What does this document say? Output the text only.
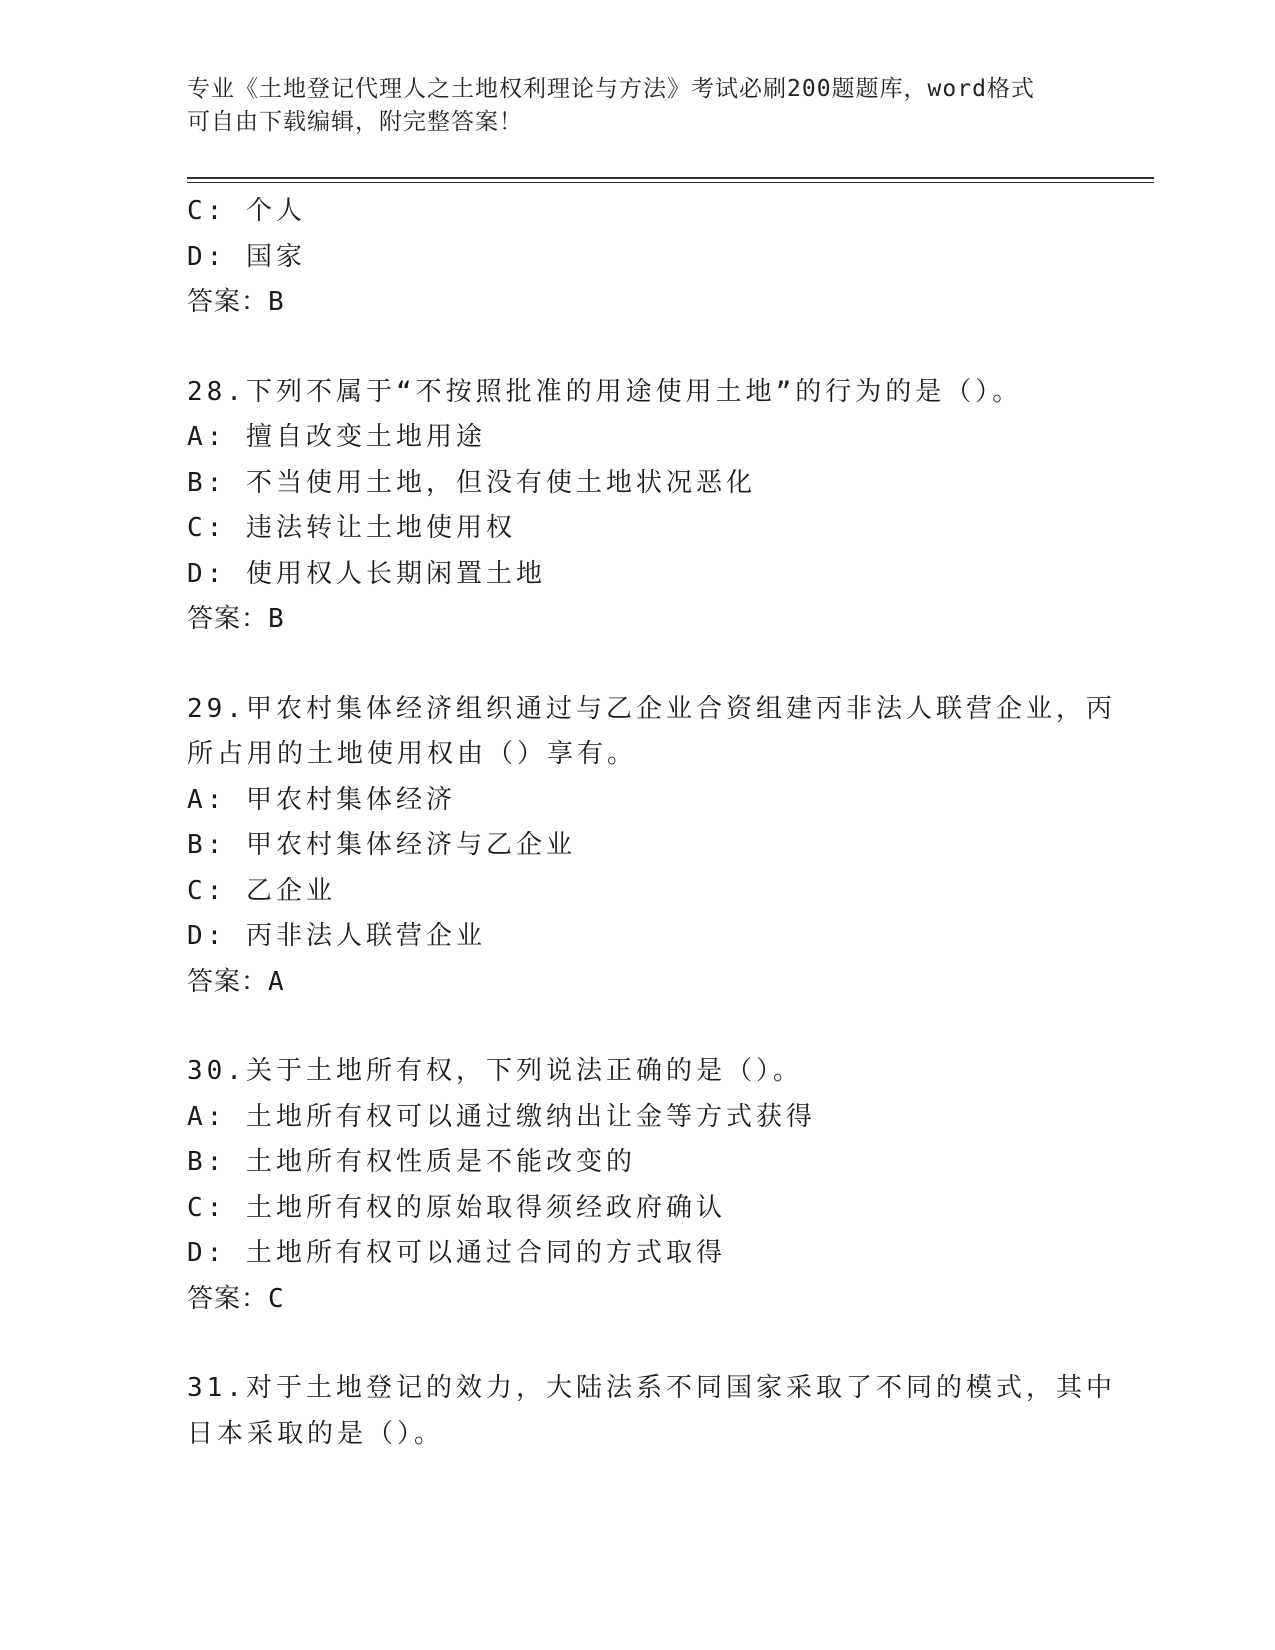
专业《土地登记代理人之土地权利理论与方法》考试必刷200题题库，word格式
可自由下载编辑，附完整答案！
C: 个人
D: 国家
答案：B
28.下列不属于“不按照批准的用途使用土地”的行为的是（）。
A: 擅自改变土地用途
B: 不当使用土地，但没有使土地状况恶化
C: 违法转让土地使用权
D: 使用权人长期闲置土地
答案：B
29.甲农村集体经济组织通过与乙企业合资组建丙非法人联营企业，丙
所占用的土地使用权由（）享有。
A: 甲农村集体经济
B: 甲农村集体经济与乙企业
C: 乙企业
D: 丙非法人联营企业
答案：A
30.关于土地所有权，下列说法正确的是（）。
A: 土地所有权可以通过缴纳出让金等方式获得
B: 土地所有权性质是不能改变的
C: 土地所有权的原始取得须经政府确认
D: 土地所有权可以通过合同的方式取得
答案：C
31.对于土地登记的效力，大陆法系不同国家采取了不同的模式，其中
日本采取的是（）。
